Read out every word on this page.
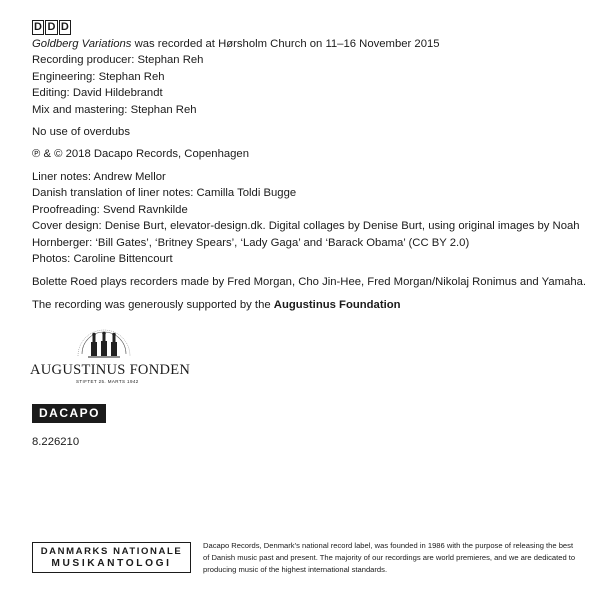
D D D
Goldberg Variations was recorded at Hørsholm Church on 11–16 November 2015
Recording producer: Stephan Reh
Engineering: Stephan Reh
Editing: David Hildebrandt
Mix and mastering: Stephan Reh
No use of overdubs
℗ & © 2018 Dacapo Records, Copenhagen
Liner notes: Andrew Mellor
Danish translation of liner notes: Camilla Toldi Bugge
Proofreading: Svend Ravnkilde
Cover design: Denise Burt, elevator-design.dk. Digital collages by Denise Burt, using original images by Noah Hornberger: ‘Bill Gates’, ‘Britney Spears’, ‘Lady Gaga’ and ‘Barack Obama’ (CC BY 2.0)
Photos: Caroline Bittencourt
Bolette Roed plays recorders made by Fred Morgan, Cho Jin-Hee, Fred Morgan/Nikolaj Ronimus and Yamaha.
The recording was generously supported by the Augustinus Foundation
AUGUSTINUS FONDEN
STIFTET 25. MARTS 1942
DACAPO
8.226210
DANMARKS NATIONALE
MUSIKANTOLOGI
Dacapo Records, Denmark’s national record label, was founded in 1986 with the purpose of releasing the best of Danish music past and present. The majority of our recordings are world premieres, and we are dedicated to producing music of the highest international standards.
